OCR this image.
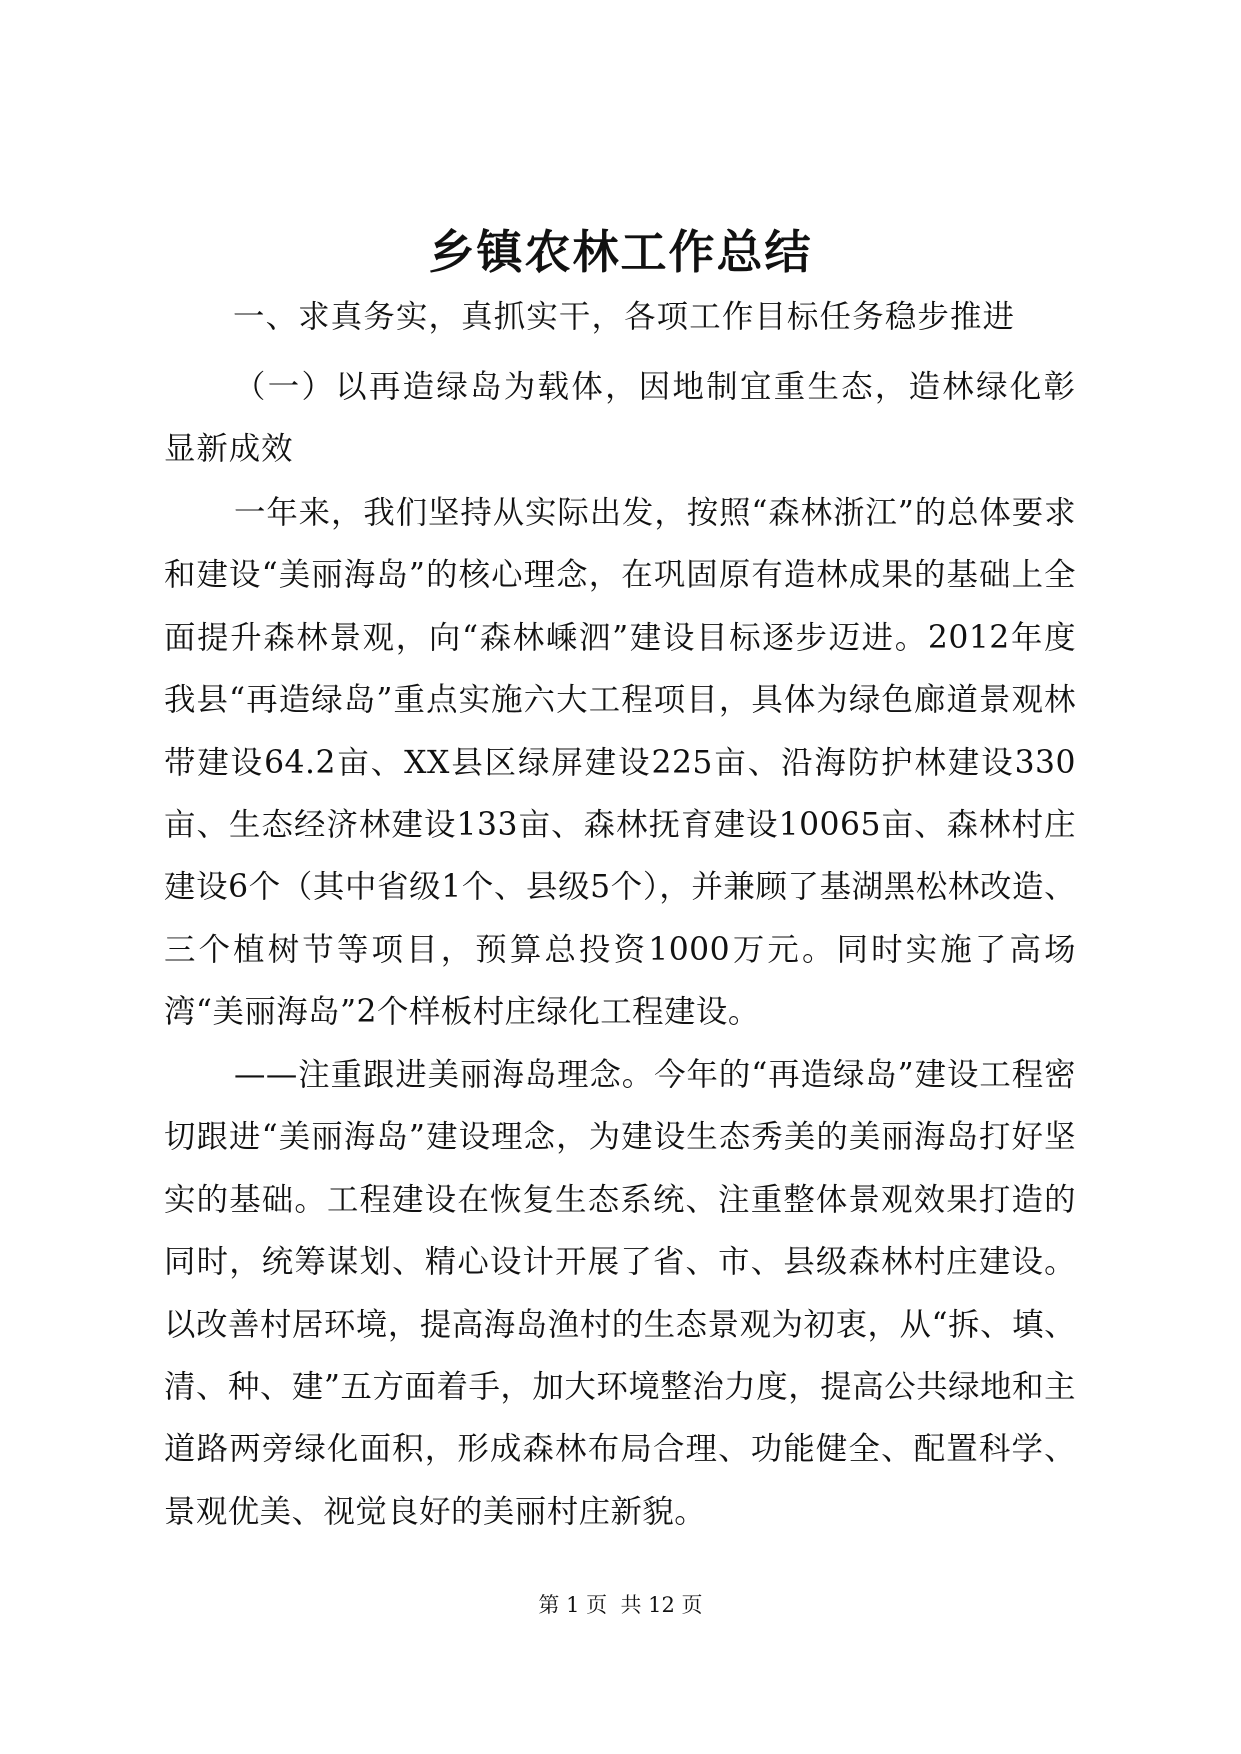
乡镇农林工作总结
一、求真务实，真抓实干，各项工作目标任务稳步推进
（一）以再造绿岛为载体，因地制宜重生态，造林绿化彰显新成效
一年来，我们坚持从实际出发，按照“森林浙江”的总体要求和建设“美丽海岛”的核心理念，在巩固原有造林成果的基础上全面提升森林景观，向“森林嵊泗”建设目标逐步迈进。2012年度我县“再造绿岛”重点实施六大工程项目，具体为绿色廊道景观林带建设64.2亩、XX县区绿屏建设225亩、沿海防护林建设330亩、生态经济林建设133亩、森林抚育建设10065亩、森林村庄建设6个（其中省级1个、县级5个），并兼顾了基湖黑松林改造、三个植树节等项目，预算总投资1000万元。同时实施了高场湾“美丽海岛”2个样板村庄绿化工程建设。
——注重跟进美丽海岛理念。今年的“再造绿岛”建设工程密切跟进“美丽海岛”建设理念，为建设生态秀美的美丽海岛打好坚实的基础。工程建设在恢复生态系统、注重整体景观效果打造的同时，统筹谋划、精心设计开展了省、市、县级森林村庄建设。以改善村居环境，提高海岛渔村的生态景观为初衷，从“拆、填、清、种、建”五方面着手，加大环境整治力度，提高公共绿地和主道路两旁绿化面积，形成森林布局合理、功能健全、配置科学、景观优美、视觉良好的美丽村庄新貌。
第 1 页  共 12 页
